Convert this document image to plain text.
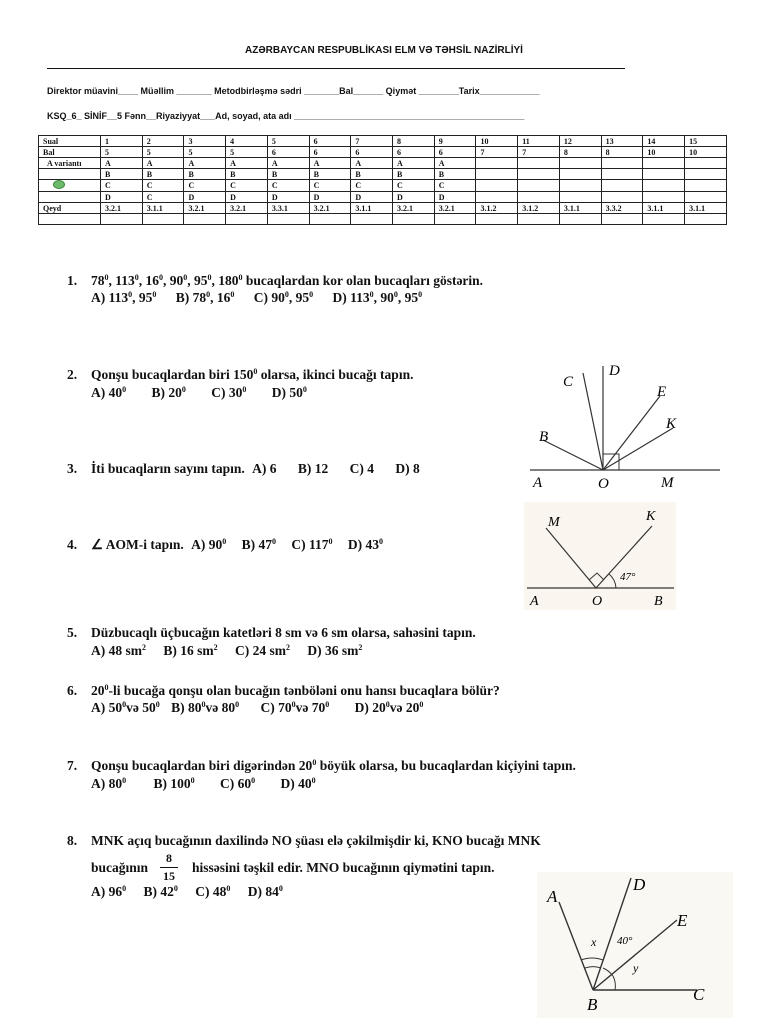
AZƏRBAYCAN RESPUBLİKASI ELM VƏ TƏHSİL NAZİRLİYİ
Direktor müavini____ Müəllim _______ Metodbirləşmə sədri _______Bal______ Qiymət ________Tarix____________
KSQ_6_ SİNİF__5 Fənn__Riyaziyyat___Ad, soyad, ata adı ______________________________________________
Sual	1	2	3	4	5	6	7	8	9	10	11	12	13	14	15
Bal	5	5	5	5	6	6	6	6	6	7	7	8	8	10	10
A variantı	A	A	A	A	A	A	A	A	A						
	B	B	B	B	B	B	B	B	B						
	C	C	C	C	C	C	C	C	C						
	D	C	D	D	D	D	D	D	D						
Qeyd	3.2.1	3.1.1	3.2.1	3.2.1	3.3.1	3.2.1	3.1.1	3.2.1	3.2.1	3.1.2	3.1.2	3.1.1	3.3.2	3.1.1	3.1.1

1. $78^0$, $113^0$, $16^0$, $90^0$, $95^0$, $180^0$ bucaqlardan kor olan bucaqları göstərin.
A) $113^0$, $95^0$ B) $78^0$, $16^0$ C) $90^0$, $95^0$ D) $113^0$, $90^0$, $95^0$
2. Qonşu bucaqlardan biri $150^0$ olarsa, ikinci bucağı tapın.
A) $40^0$ B) $20^0$ C) $30^0$ D) $50^0$
3. İti bucaqların sayını tapın. A) 6 B) 12 C) 4 D) 8
4. ∠ AOM-i tapın. A) $90^0$ B) $47^0$ C) $117^0$ D) $43^0$
5. Düzbucaqlı üçbucağın katetləri 8 sm və 6 sm olarsa, sahəsini tapın.
A) 48 $sm^2$ B) 16 $sm^2$ C) 24 $sm^2$ D) 36 $sm^2$
6. $20^0-li$ bucağa qonşu olan bucağın tənböləni onu hansı bucaqlara bölür?
A) $50^0və$ $50^0$ B) $80^0və$ $80^0$ C) $70^0və$ $70^0$ D) $20^0və$ $20^0$
7. Qonşu bucaqlardan biri digərindən $20^0$ böyük olarsa, bu bucaqlardan kiçiyini tapın.
A) $80^0$ B) $100^0$ C) $60^0$ D) $40^0$
8. MNK açıq bucağının daxilində NO şüası elə çəkilmişdir ki, KNO bucağı MNK
bucağının
8
15
hissəsini təşkil edir. MNO bucağının qiymətini tapın.
A) $96^0$ B) $42^0$ C) $48^0$ D) $84^0$
C
D
E
K
B
A	O	M
M	K
A	O	B
47°
A
D
E
B
C
x
y
40°
